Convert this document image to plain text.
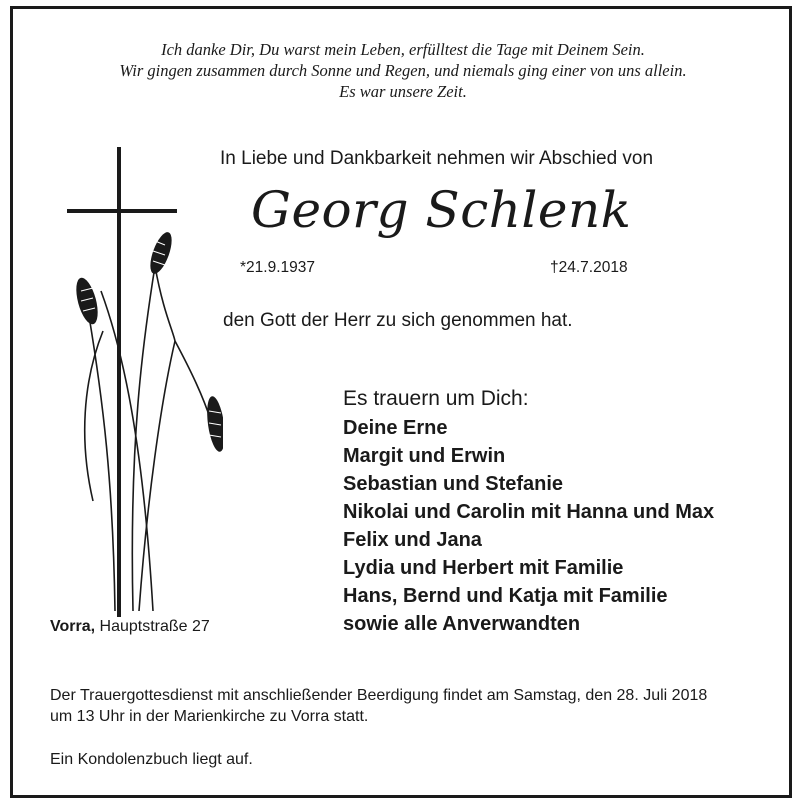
Ich danke Dir, Du warst mein Leben, erfülltest die Tage mit Deinem Sein.
Wir gingen zusammen durch Sonne und Regen, und niemals ging einer von uns allein.
Es war unsere Zeit.
In Liebe und Dankbarkeit nehmen wir Abschied von
Georg Schlenk
*21.9.1937	†24.7.2018
den Gott der Herr zu sich genommen hat.
Es trauern um Dich:
Deine Erne
Margit und Erwin
Sebastian und Stefanie
Nikolai und Carolin mit Hanna und Max
Felix und Jana
Lydia und Herbert mit Familie
Hans, Bernd und Katja mit Familie
sowie alle Anverwandten
Vorra, Hauptstraße 27
Der Trauergottesdienst mit anschließender Beerdigung findet am Samstag, den 28. Juli 2018
um 13 Uhr in der Marienkirche zu Vorra statt.
Ein Kondolenzbuch liegt auf.
